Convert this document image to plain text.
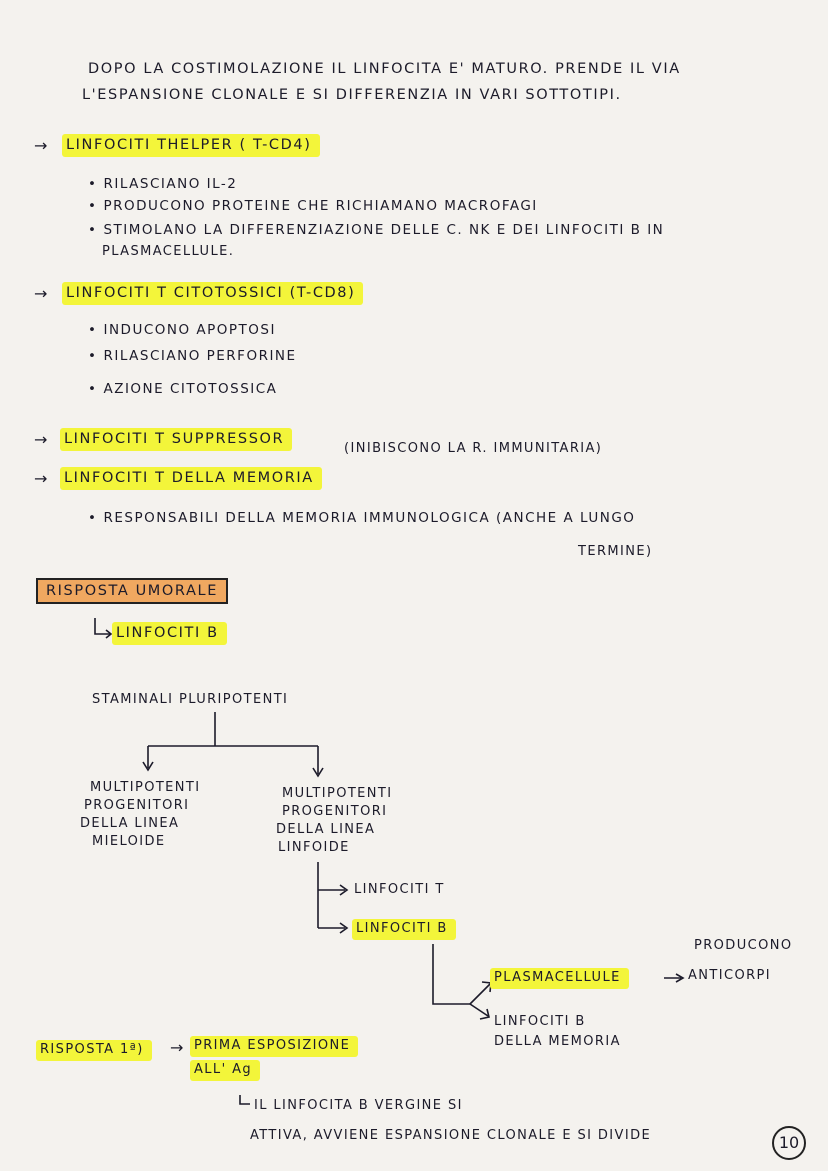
DOPO LA COSTIMOLAZIONE IL LINFOCITA E' MATURO. PRENDE IL VIA
L'ESPANSIONE CLONALE E SI DIFFERENZIA IN VARI SOTTOTIPI.
→ LINFOCITI THELPER ( T-CD4)
• RILASCIANO IL-2
• PRODUCONO PROTEINE CHE RICHIAMANO MACROFAGI
• STIMOLANO LA DIFFERENZIAZIONE DELLE C. NK E DEI LINFOCITI B IN
PLASMACELLULE.
→ LINFOCITI T CITOTOSSICI (T-CD8)
• INDUCONO APOPTOSI
• RILASCIANO PERFORINE
• AZIONE CITOTOSSICA
→ LINFOCITI T SUPPRESSOR
(INIBISCONO LA R. IMMUNITARIA)
→ LINFOCITI T DELLA MEMORIA
• RESPONSABILI DELLA MEMORIA IMMUNOLOGICA (ANCHE A LUNGO
TERMINE)
RISPOSTA UMORALE
LINFOCITI B
STAMINALI PLURIPOTENTI
MULTIPOTENTI
PROGENITORI
DELLA LINEA
MIELOIDE
MULTIPOTENTI
PROGENITORI
DELLA LINEA
LINFOIDE
LINFOCITI T
LINFOCITI B
PLASMACELLULE
PRODUCONO
ANTICORPI
LINFOCITI B
DELLA MEMORIA
RISPOSTA 1ª)	→ PRIMA ESPOSIZIONE
ALL' Ag
IL LINFOCITA B VERGINE SI
ATTIVA, AVVIENE ESPANSIONE CLONALE E SI DIVIDE	10
